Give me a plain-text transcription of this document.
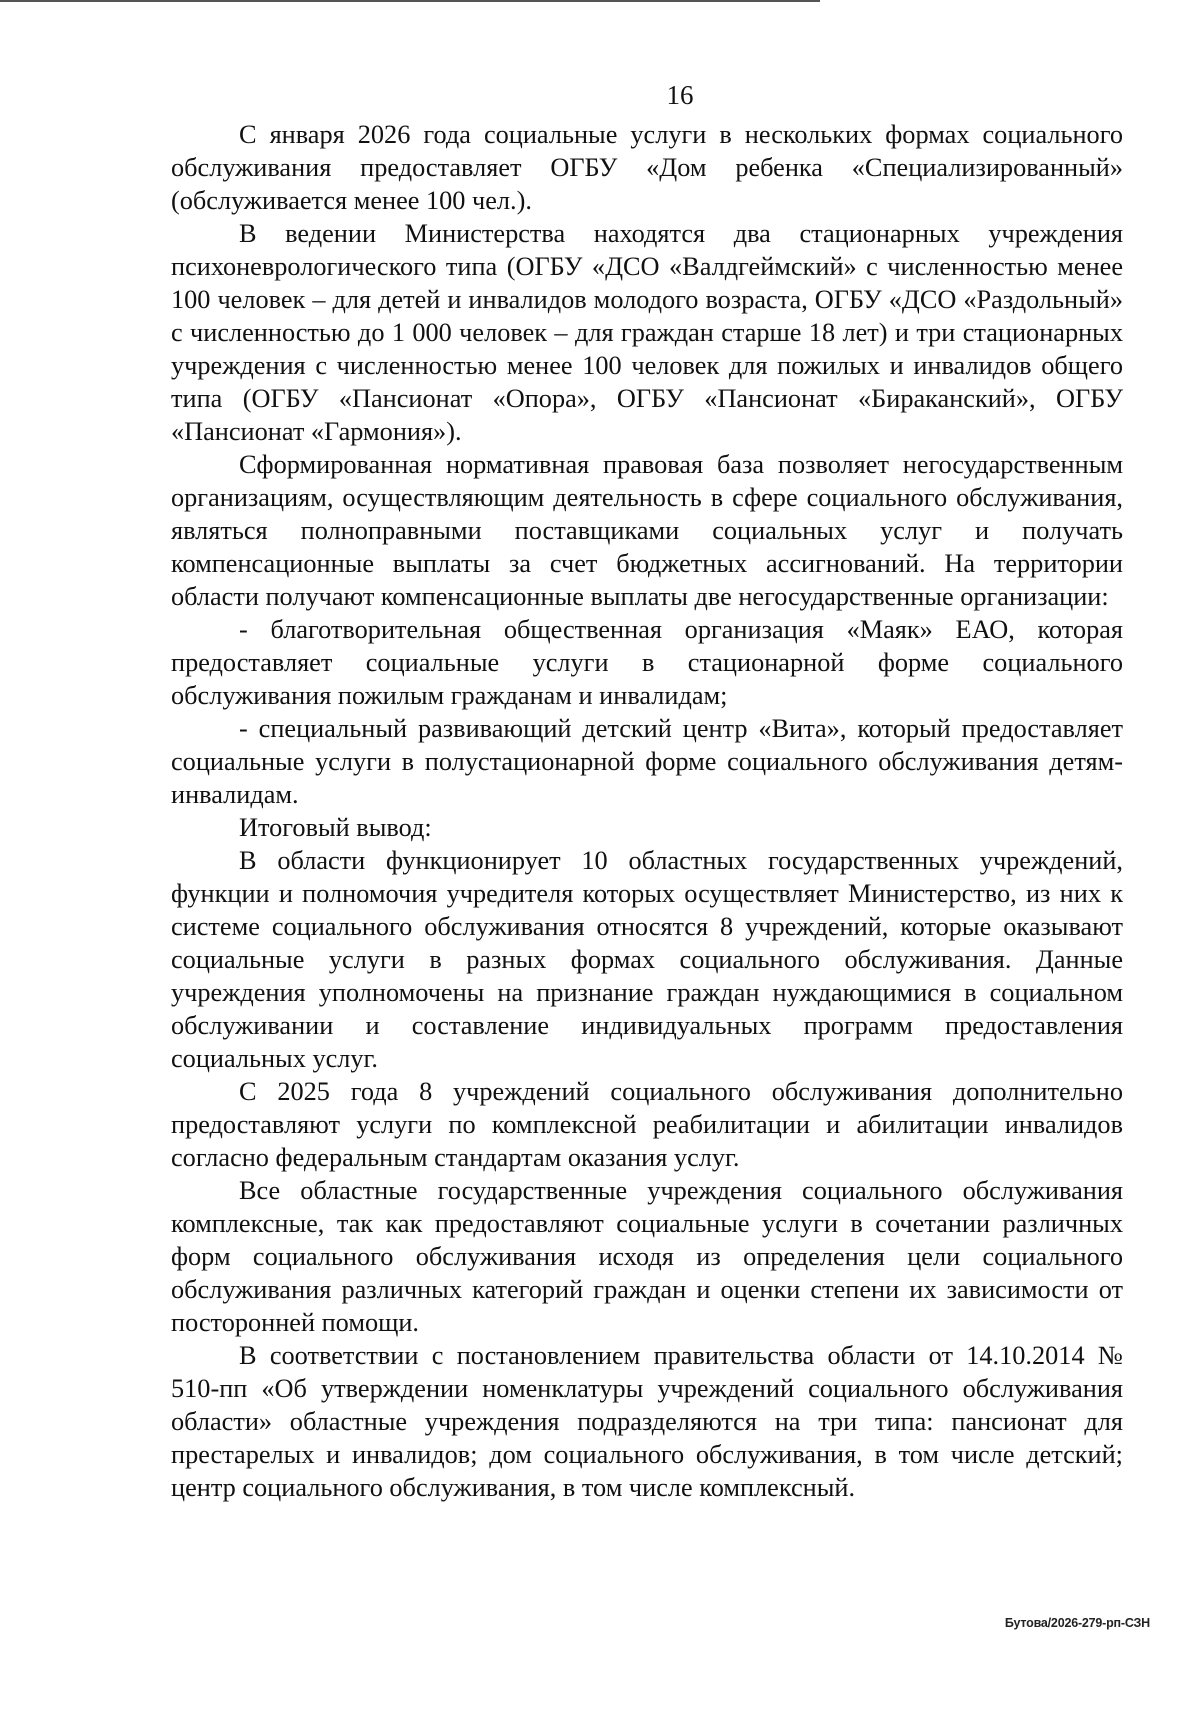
16

С января 2026 года социальные услуги в нескольких формах социального обслуживания предоставляет ОГБУ «Дом ребенка «Специализированный» (обслуживается менее 100 чел.).

В ведении Министерства находятся два стационарных учреждения психоневрологического типа (ОГБУ «ДСО «Валдгеймский» с численностью менее 100 человек – для детей и инвалидов молодого возраста, ОГБУ «ДСО «Раздольный» с численностью до 1 000 человек – для граждан старше 18 лет) и три стационарных учреждения с численностью менее 100 человек для пожилых и инвалидов общего типа (ОГБУ «Пансионат «Опора», ОГБУ «Пансионат «Бираканский», ОГБУ «Пансионат «Гармония»).

Сформированная нормативная правовая база позволяет негосударственным организациям, осуществляющим деятельность в сфере социального обслуживания, являться полноправными поставщиками социальных услуг и получать компенсационные выплаты за счет бюджетных ассигнований. На территории области получают компенсационные выплаты две негосударственные организации:

- благотворительная общественная организация «Маяк» ЕАО, которая предоставляет социальные услуги в стационарной форме социального обслуживания пожилым гражданам и инвалидам;

- специальный развивающий детский центр «Вита», который предоставляет социальные услуги в полустационарной форме социального обслуживания детям-инвалидам.

Итоговый вывод:

В области функционирует 10 областных государственных учреждений, функции и полномочия учредителя которых осуществляет Министерство, из них к системе социального обслуживания относятся 8 учреждений, которые оказывают социальные услуги в разных формах социального обслуживания. Данные учреждения уполномочены на признание граждан нуждающимися в социальном обслуживании и составление индивидуальных программ предоставления социальных услуг.

С 2025 года 8 учреждений социального обслуживания дополнительно предоставляют услуги по комплексной реабилитации и абилитации инвалидов согласно федеральным стандартам оказания услуг.

Все областные государственные учреждения социального обслуживания комплексные, так как предоставляют социальные услуги в сочетании различных форм социального обслуживания исходя из определения цели социального обслуживания различных категорий граждан и оценки степени их зависимости от посторонней помощи.

В соответствии с постановлением правительства области от 14.10.2014 № 510-пп «Об утверждении номенклатуры учреждений социального обслуживания области» областные учреждения подразделяются на три типа: пансионат для престарелых и инвалидов; дом социального обслуживания, в том числе детский; центр социального обслуживания, в том числе комплексный.

Бутова/2026-279-рп-СЗН
